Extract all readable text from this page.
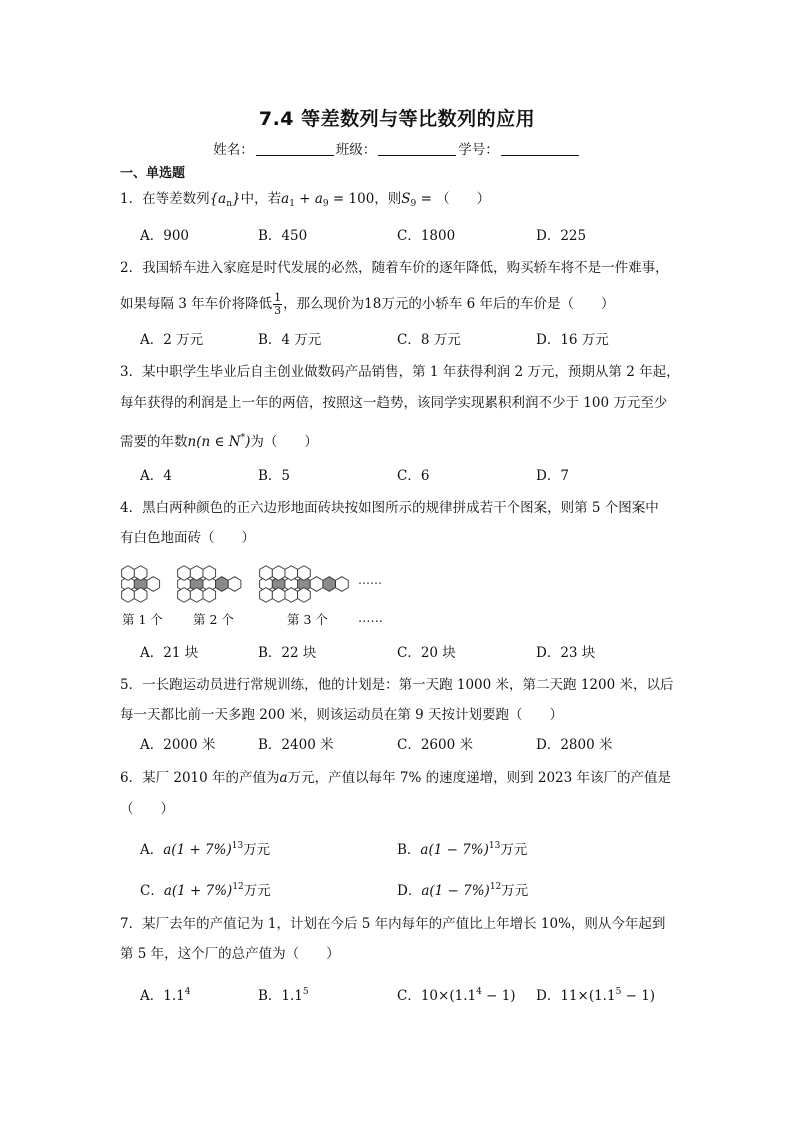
7.4 等差数列与等比数列的应用
姓名：	班级：	学号：
一、单选题
1．在等差数列$\{a_n\}$中，若$a_1 + a_9 = 100$，则$S_9$ = （　　）
A．900	B．450	C．1800	D．225
2．我国轿车进入家庭是时代发展的必然，随着车价的逐年降低，购买轿车将不是一件难事，
如果每隔 3 年车价将降低 $\frac{1}{3}$ ，那么现价为18万元的小轿车 6 年后的车价是（　　）
A．2 万元	B．4 万元	C．8 万元	D．16 万元
3．某中职学生毕业后自主创业做数码产品销售，第 1 年获得利润 2 万元，预期从第 2 年起，
每年获得的利润是上一年的两倍，按照这一趋势，该同学实现累积利润不少于 100 万元至少
需要的年数n(n ∈ N*)为（　　）
A．4	B．5	C．6	D．7
4．黑白两种颜色的正六边形地面砖块按如图所示的规律拼成若干个图案，则第 5 个图案中
有白色地面砖（　　）
……
第 1 个 第 2 个	第 3 个 ……
A．21 块	B．22 块	C．20 块	D．23 块
5．一长跑运动员进行常规训练，他的计划是：第一天跑 1000 米，第二天跑 1200 米，以后
每一天都比前一天多跑 200 米，则该运动员在第 9 天按计划要跑（　　）
A．2000 米	B．2400 米	C．2600 米	D．2800 米
6．某厂 2010 年的产值为a万元，产值以每年 7% 的速度递增，则到 2023 年该厂的产值是
（　　）
A．$a(1 + 7\%)^{13}$万元	B．$a(1 - 7\%)^{13}$万元
C．$a(1 + 7\%)^{12}$万元	D．$a(1 - 7\%)^{12}$万元
7．某厂去年的产值记为 1，计划在今后 5 年内每年的产值比上年增长 10%，则从今年起到
第 5 年，这个厂的总产值为（　　）
A．$1.1^4$	B．$1.1^5$	C．$10\times(1.1^4 - 1)$ D．$11\times(1.1^5 - 1)$
